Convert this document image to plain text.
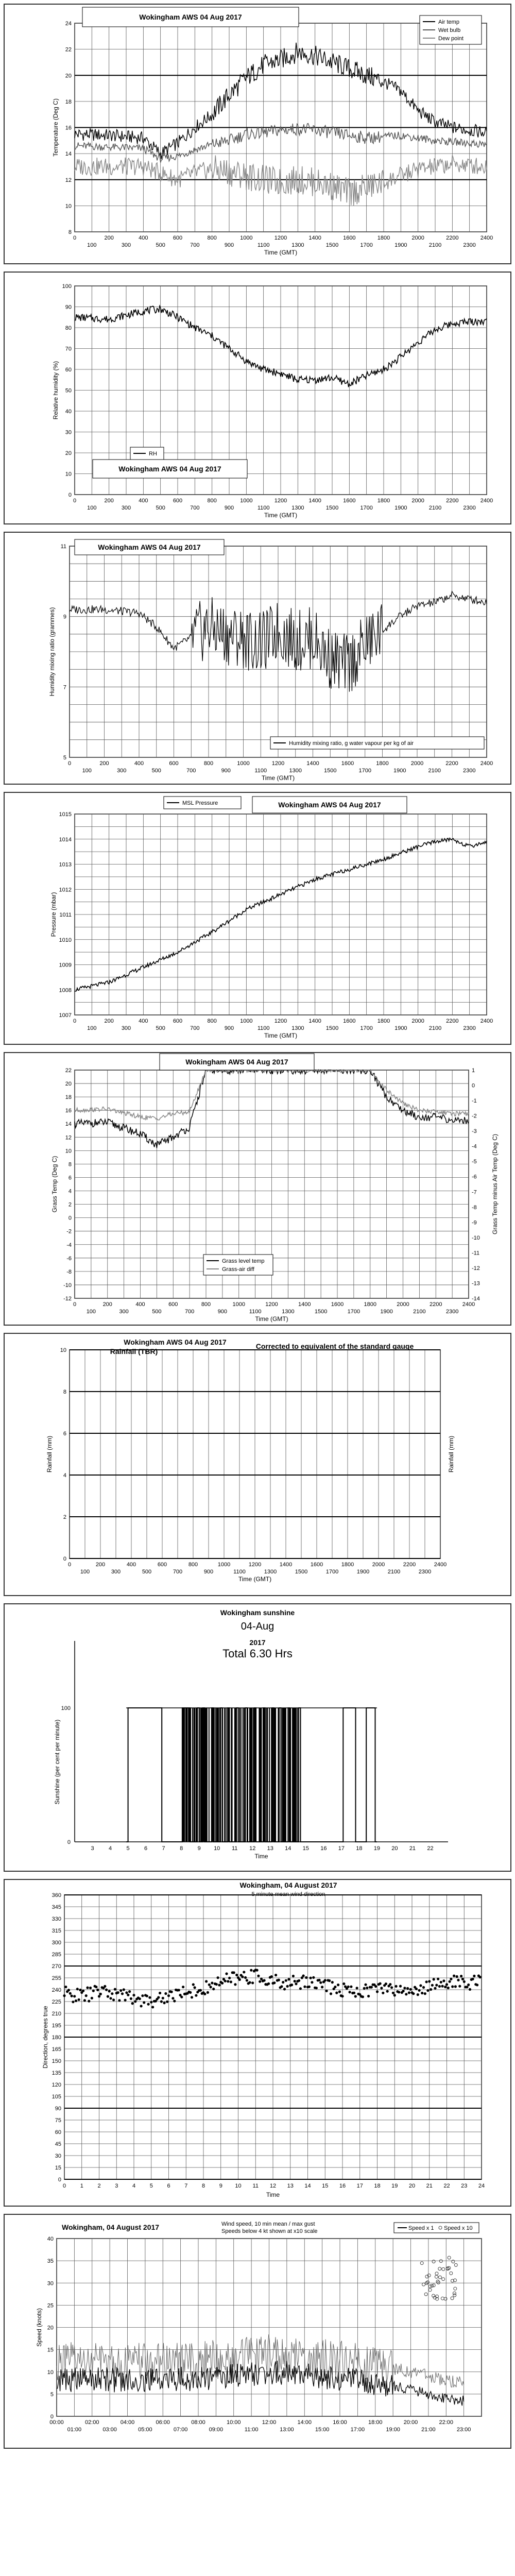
8
10
12
14
16
18
20
22
24
0
100
200
300
400
500
600
700
800
900
1000
1100
1200
1300
1400
1500
1600
1700
1800
1900
2000
2100
2200
2300
2400
Time (GMT)
Temperature (Deg C)
Wokingham AWS 04 Aug 2017
Air temp
Wet bulb
Dew point
0
10
20
30
40
50
60
70
80
90
100
0
100
200
300
400
500
600
700
800
900
1000
1100
1200
1300
1400
1500
1600
1700
1800
1900
2000
2100
2200
2300
2400
Time (GMT)
Relative humidity (%)
RH
Wokingham AWS 04 Aug 2017
5
7
9
11
0
100
200
300
400
500
600
700
800
900
1000
1100
1200
1300
1400
1500
1600
1700
1800
1900
2000
2100
2200
2300
2400
Time (GMT)
Humidity mixing ratio (grammes)
Wokingham AWS 04 Aug 2017
Humidity mixing ratio, g water vapour per kg of air
1007
1008
1009
1010
1011
1012
1013
1014
1015
0
100
200
300
400
500
600
700
800
900
1000
1100
1200
1300
1400
1500
1600
1700
1800
1900
2000
2100
2200
2300
2400
Time (GMT)
Pressure (mbar)
MSL Pressure	Wokingham AWS 04 Aug 2017
-12
-10
-8
-6
-4
-2
0
2
4
6
8
10
12
14
16
18
20
22	1
0
-1
-2
-3
-4
-5
-6
-7
-8
-9
-10
-11
-12
-13
-14
0
100
200
300
400
500
600
700
800
900
1000
1100
1200
1300
1400
1500
1600
1700
1800
1900
2000
2100
2200
2300
2400
Time (GMT)
Grass Temp (Deg C)	Grass Temp minus Air Temp (Deg C)
Wokingham AWS 04 Aug 2017
Grass level temp
Grass-air diff
0
2
4
6
8
10
0
100
200
300
400
500
600
700
800
900
1000
1100
1200
1300
1400
1500
1600
1700
1800
1900
2000
2100
2200
2300
2400
Time (GMT)
Rainfall (mm)	Rainfall (mm)
Wokingham AWS 04 Aug 2017
Rainfall (TBR)
Corrected to equivalent of the standard gauge
0
100
3	4	5	6	7	8	9 10 11 12 13 14 15 16 17 18 19 20 21 22
Wokingham sunshine
04-Aug
2017
Total 6.30 Hrs
Sunshine (per cent per minute)
Time
0
15
30
45
60
75
90
105
120
135
150
165
180
195
210
225
240
255
270
285
300
315
330
345
360
0	1	2	3	4	5	6	7	8	9 10 11 12 13 14 15 16 17 18 19 20 21 22 23 24
Wokingham, 04 August 2017
5 minute mean wind direction
Direction, degrees true
Time
0
5
10
15
20
25
30
35
40
00:00	02:00	04:00	06:00	08:00	10:00	12:00	14:00	16:00	18:00	20:00	22:00
01:00	03:00	05:00	07:00	09:00	11:00	13:00	15:00	17:00	19:00	21:00	23:00
Wokingham, 04 August 2017	Wind speed, 10 min mean / max gust
Speeds below 4 kt shown at x10 scale	Speed x 1 Speed x 10
Speed (knots)
